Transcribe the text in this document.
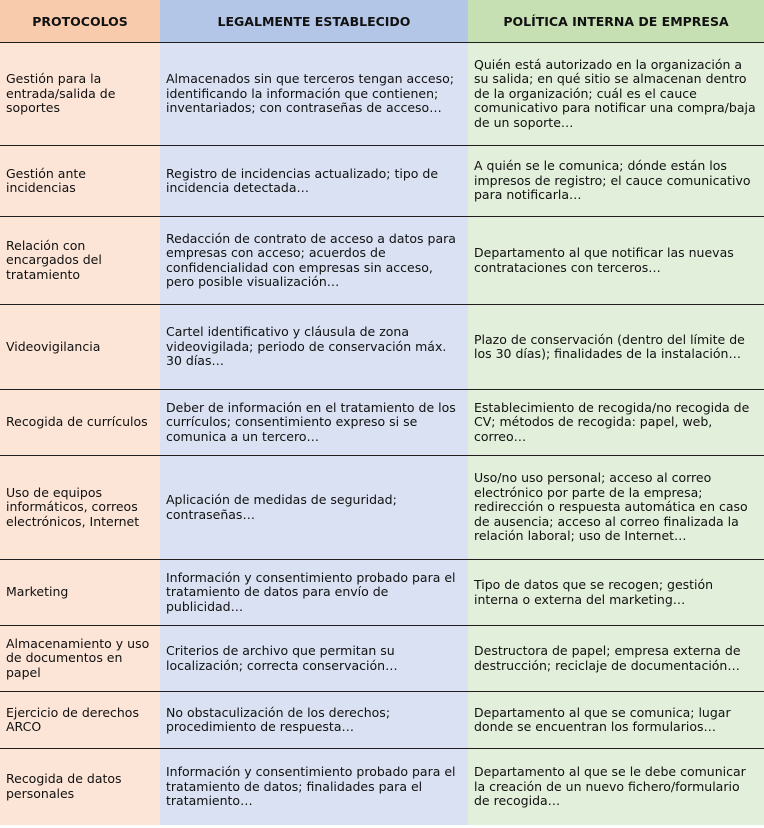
PROTOCOLOS	LEGALMENTE ESTABLECIDO	POLÍTICA INTERNA DE EMPRESA
Gestión para la entrada/salida de soportes	Almacenados sin que terceros tengan acceso; identificando la información que contienen; inventariados; con contraseñas de acceso…	Quién está autorizado en la organización a su salida; en qué sitio se almacenan dentro de la organización; cuál es el cauce comunicativo para notificar una compra/baja de un soporte…
Gestión ante incidencias	Registro de incidencias actualizado; tipo de incidencia detectada…	A quién se le comunica; dónde están los impresos de registro; el cauce comunicativo para notificarla…
Relación con encargados del tratamiento	Redacción de contrato de acceso a datos para empresas con acceso; acuerdos de confidencialidad con empresas sin acceso, pero posible visualización…	Departamento al que notificar las nuevas contrataciones con terceros…
Videovigilancia	Cartel identificativo y cláusula de zona videovigilada; periodo de conservación máx. 30 días…	Plazo de conservación (dentro del límite de los 30 días); finalidades de la instalación…
Recogida de currículos	Deber de información en el tratamiento de los currículos; consentimiento expreso si se comunica a un tercero…	Establecimiento de recogida/no recogida de CV; métodos de recogida: papel, web, correo…
Uso de equipos informáticos, correos electrónicos, Internet	Aplicación de medidas de seguridad; contraseñas…	Uso/no uso personal; acceso al correo electrónico por parte de la empresa; redirección o respuesta automática en caso de ausencia; acceso al correo finalizada la relación laboral; uso de Internet…
Marketing	Información y consentimiento probado para el tratamiento de datos para envío de publicidad…	Tipo de datos que se recogen; gestión interna o externa del marketing…
Almacenamiento y uso de documentos en papel	Criterios de archivo que permitan su localización; correcta conservación…	Destructora de papel; empresa externa de destrucción; reciclaje de documentación…
Ejercicio de derechos ARCO	No obstaculización de los derechos; procedimiento de respuesta…	Departamento al que se comunica; lugar donde se encuentran los formularios…
Recogida de datos personales	Información y consentimiento probado para el tratamiento de datos; finalidades para el tratamiento…	Departamento al que se le debe comunicar la creación de un nuevo fichero/formulario de recogida…
